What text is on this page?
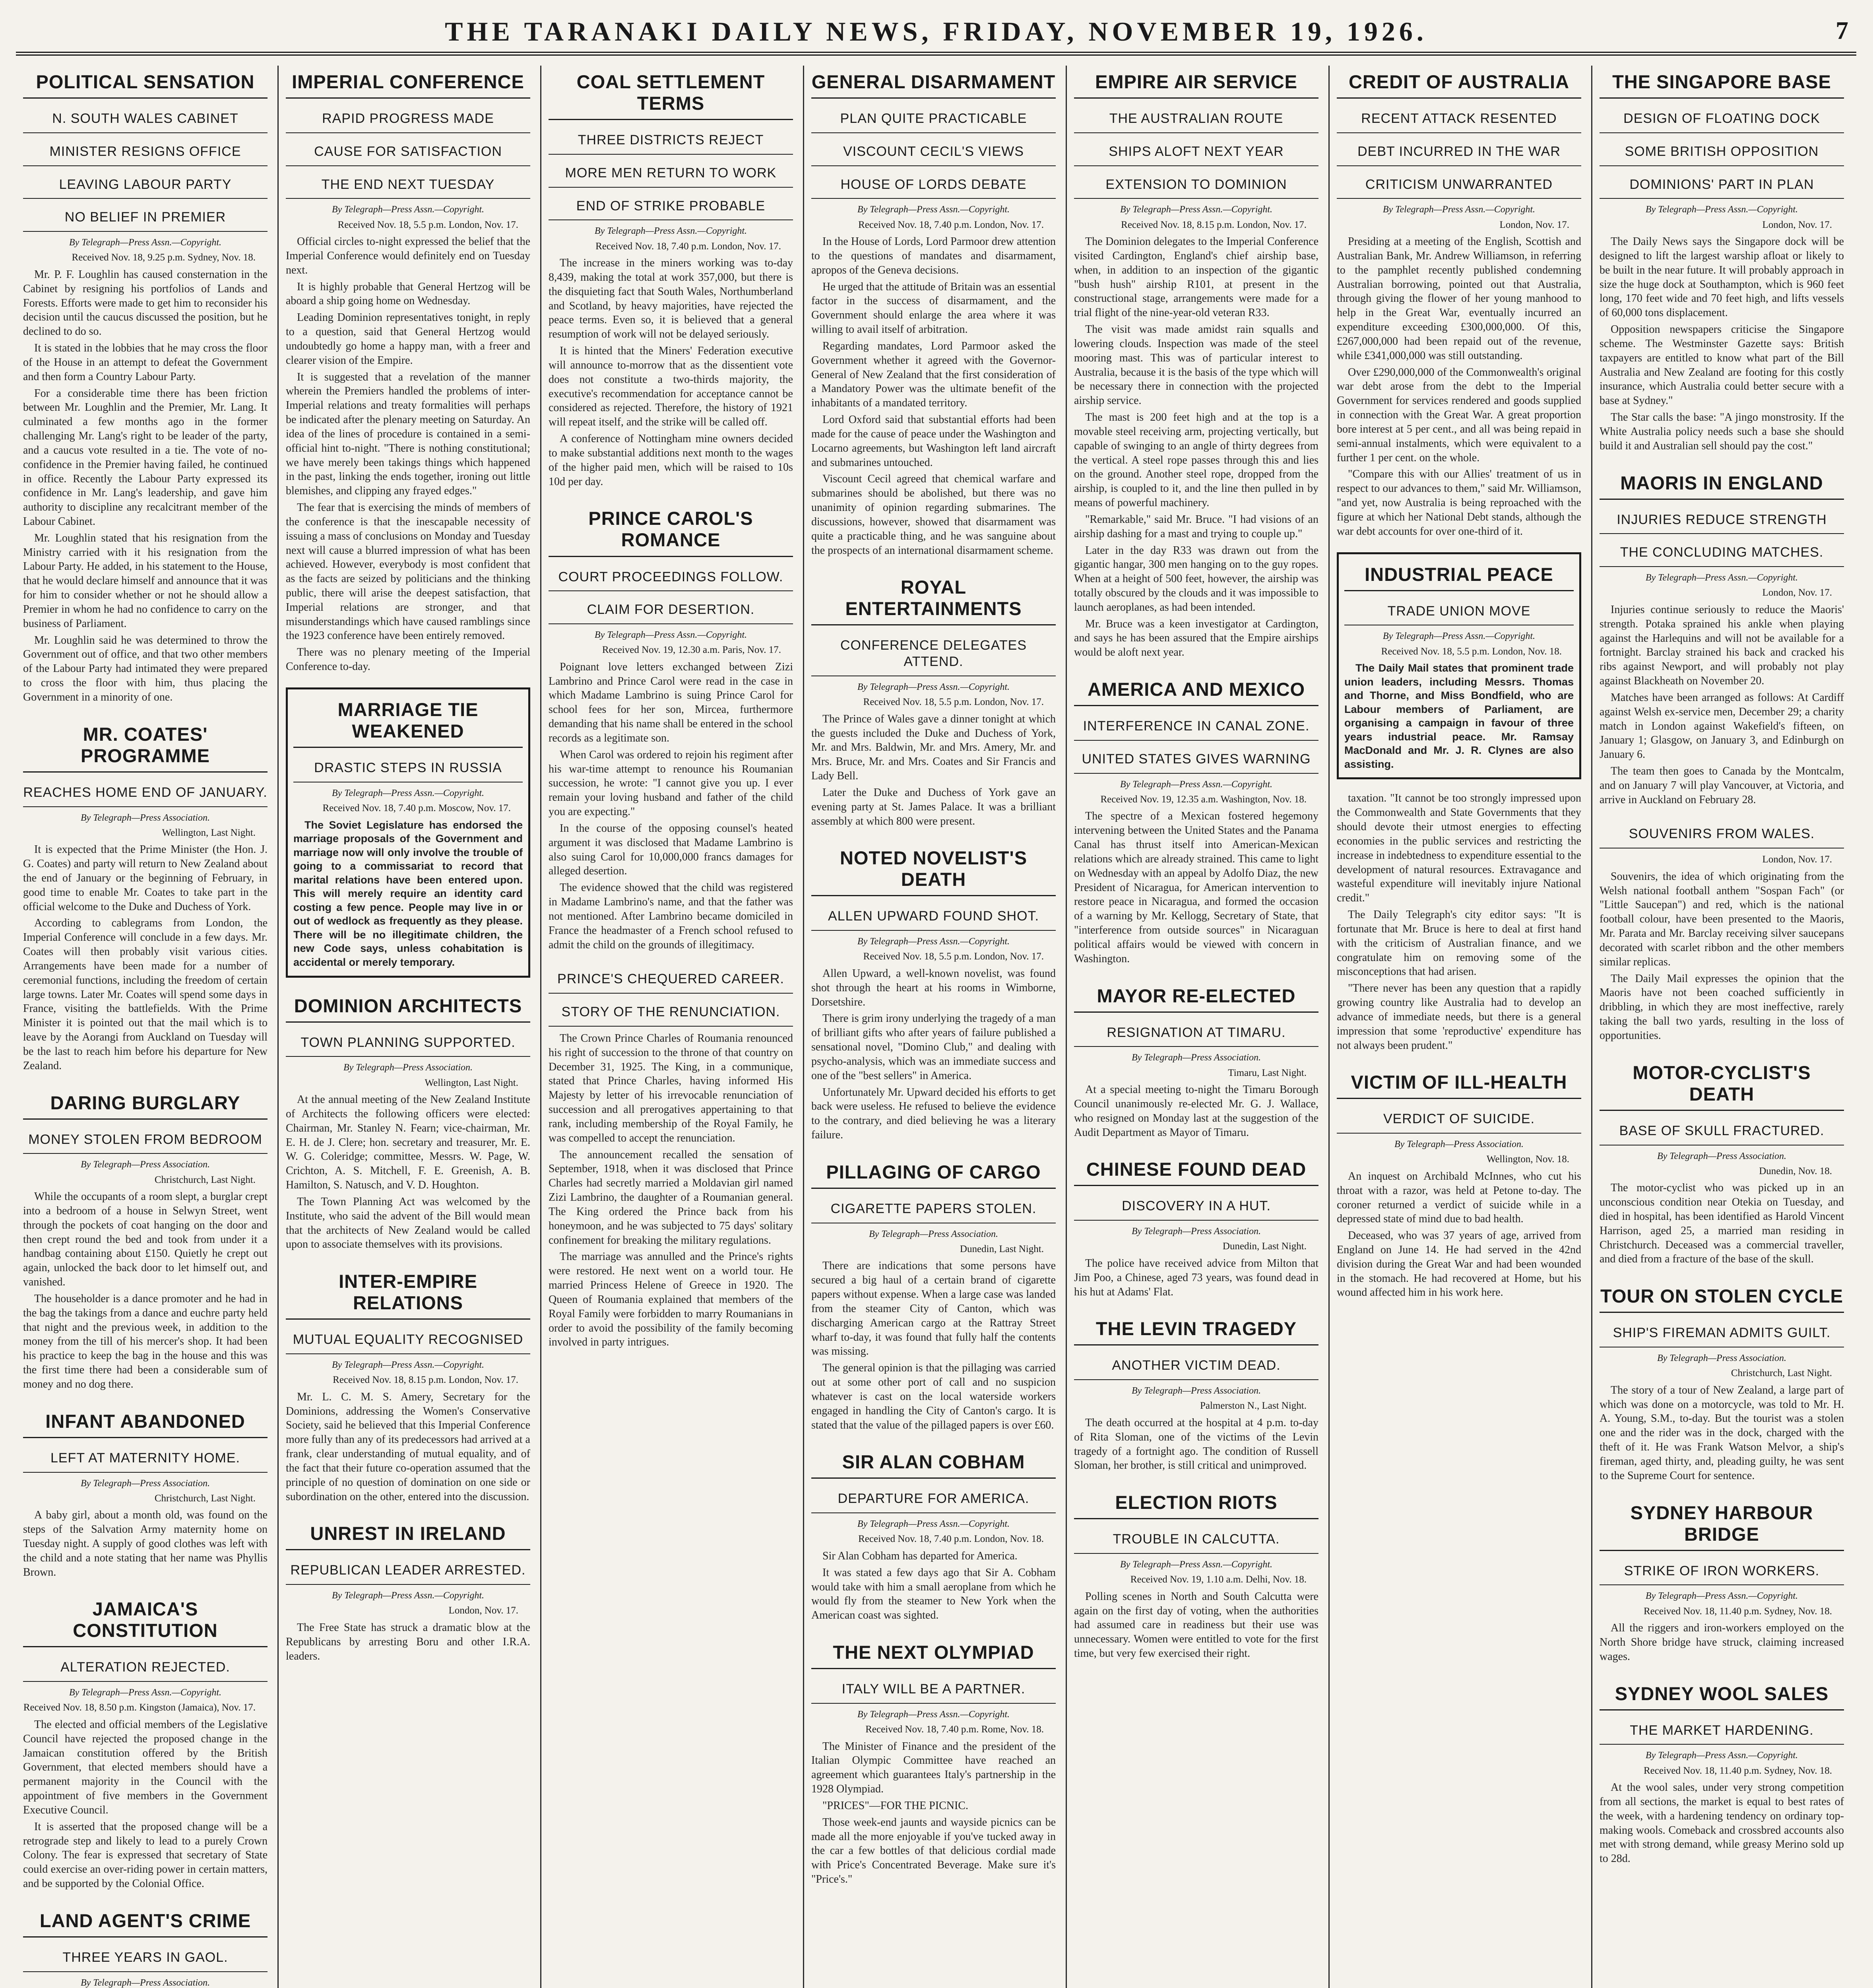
THE TARANAKI DAILY NEWS, FRIDAY, NOVEMBER 19, 1926.	7
POLITICAL SENSATION
N. SOUTH WALES CABINET
MINISTER RESIGNS OFFICE
LEAVING LABOUR PARTY
NO BELIEF IN PREMIER
By Telegraph—Press Assn.—Copyright.
Received Nov. 18, 9.25 p.m. Sydney, Nov. 18.

Mr. P. F. Loughlin has caused consternation in the Cabinet by resigning his portfolios of Lands and Forests. Efforts were made to get him to reconsider his decision until the caucus discussed the position, but he declined to do so.

It is stated in the lobbies that he may cross the floor of the House in an attempt to defeat the Government and then form a Country Labour Party.

For a considerable time there has been friction between Mr. Loughlin and the Premier, Mr. Lang. It culminated a few months ago in the former challenging Mr. Lang's right to be leader of the party, and a caucus vote resulted in a tie. The vote of no-confidence in the Premier having failed, he continued in office. Recently the Labour Party expressed its confidence in Mr. Lang's leadership, and gave him authority to discipline any recalcitrant member of the Labour Cabinet.

Mr. Loughlin stated that his resignation from the Ministry carried with it his resignation from the Labour Party. He added, in his statement to the House, that he would declare himself and announce that it was for him to consider whether or not he should allow a Premier in whom he had no confidence to carry on the business of Parliament.

Mr. Loughlin said he was determined to throw the Government out of office, and that two other members of the Labour Party had intimated they were prepared to cross the floor with him, thus placing the Government in a minority of one.

MR. COATES' PROGRAMME
REACHES HOME END OF JANUARY.
By Telegraph—Press Association.
Wellington, Last Night.

It is expected that the Prime Minister (the Hon. J. G. Coates) and party will return to New Zealand about the end of January or the beginning of February, in good time to enable Mr. Coates to take part in the official welcome to the Duke and Duchess of York.

According to cablegrams from London, the Imperial Conference will conclude in a few days. Mr. Coates will then probably visit various cities. Arrangements have been made for a number of ceremonial functions, including the freedom of certain large towns. Later Mr. Coates will spend some days in France, visiting the battlefields. With the Prime Minister it is pointed out that the mail which is to leave by the Aorangi from Auckland on Tuesday will be the last to reach him before his departure for New Zealand.

DARING BURGLARY
MONEY STOLEN FROM BEDROOM
By Telegraph—Press Association.
Christchurch, Last Night.

While the occupants of a room slept, a burglar crept into a bedroom of a house in Selwyn Street, went through the pockets of coat hanging on the door and then crept round the bed and took from under it a handbag containing about £150. Quietly he crept out again, unlocked the back door to let himself out, and vanished.

The householder is a dance promoter and he had in the bag the takings from a dance and euchre party held that night and the previous week, in addition to the money from the till of his mercer's shop. It had been his practice to keep the bag in the house and this was the first time there had been a considerable sum of money and no dog there.

INFANT ABANDONED
LEFT AT MATERNITY HOME.
By Telegraph—Press Association.
Christchurch, Last Night.

A baby girl, about a month old, was found on the steps of the Salvation Army maternity home on Tuesday night. A supply of good clothes was left with the child and a note stating that her name was Phyllis Brown.

JAMAICA'S CONSTITUTION
ALTERATION REJECTED.
By Telegraph—Press Assn.—Copyright.
Received Nov. 18, 8.50 p.m. Kingston (Jamaica), Nov. 17.

The elected and official members of the Legislative Council have rejected the proposed change in the Jamaican constitution offered by the British Government, that elected members should have a permanent majority in the Council with the appointment of five members in the Government Executive Council.

It is asserted that the proposed change will be a retrograde step and likely to lead to a purely Crown Colony. The fear is expressed that secretary of State could exercise an over-riding power in certain matters, and be supported by the Colonial Office.

LAND AGENT'S CRIME
THREE YEARS IN GAOL.
By Telegraph—Press Association.

IMPERIAL CONFERENCE
RAPID PROGRESS MADE
CAUSE FOR SATISFACTION
THE END NEXT TUESDAY
By Telegraph—Press Assn.—Copyright.
Received Nov. 18, 5.5 p.m. London, Nov. 17.

Official circles to-night expressed the belief that the Imperial Conference would definitely end on Tuesday next.

It is highly probable that General Hertzog will be aboard a ship going home on Wednesday.

Leading Dominion representatives tonight, in reply to a question, said that General Hertzog would undoubtedly go home a happy man, with a freer and clearer vision of the Empire.

It is suggested that a revelation of the manner wherein the Premiers handled the problems of inter-Imperial relations and treaty formalities will perhaps be indicated after the plenary meeting on Saturday. An idea of the lines of procedure is contained in a semi-official hint to-night. "There is nothing constitutional; we have merely been takings things which happened in the past, linking the ends together, ironing out little blemishes, and clipping any frayed edges."

The fear that is exercising the minds of members of the conference is that the inescapable necessity of issuing a mass of conclusions on Monday and Tuesday next will cause a blurred impression of what has been achieved. However, everybody is most confident that as the facts are seized by politicians and the thinking public, there will arise the deepest satisfaction, that Imperial relations are stronger, and that misunderstandings which have caused ramblings since the 1923 conference have been entirely removed.

There was no plenary meeting of the Imperial Conference to-day.

MARRIAGE TIE WEAKENED
DRASTIC STEPS IN RUSSIA
By Telegraph—Press Assn.—Copyright.
Received Nov. 18, 7.40 p.m. Moscow, Nov. 17.

The Soviet Legislature has endorsed the marriage proposals of the Government and marriage now will only involve the trouble of going to a commissariat to record that marital relations have been entered upon. This will merely require an identity card costing a few pence. People may live in or out of wedlock as frequently as they please. There will be no illegitimate children, the new Code says, unless cohabitation is accidental or merely temporary.

DOMINION ARCHITECTS
TOWN PLANNING SUPPORTED.
By Telegraph—Press Association.
Wellington, Last Night.

At the annual meeting of the New Zealand Institute of Architects the following officers were elected: Chairman, Mr. Stanley N. Fearn; vice-chairman, Mr. E. H. de J. Clere; hon. secretary and treasurer, Mr. E. W. G. Coleridge; committee, Messrs. W. Page, W. Crichton, A. S. Mitchell, F. E. Greenish, A. B. Hamilton, S. Natusch, and V. D. Houghton.

The Town Planning Act was welcomed by the Institute, who said the advent of the Bill would mean that the architects of New Zealand would be called upon to associate themselves with its provisions.

INTER-EMPIRE RELATIONS
MUTUAL EQUALITY RECOGNISED
By Telegraph—Press Assn.—Copyright.
Received Nov. 18, 8.15 p.m. London, Nov. 17.

Mr. L. C. M. S. Amery, Secretary for the Dominions, addressing the Women's Conservative Society, said he believed that this Imperial Conference more fully than any of its predecessors had arrived at a frank, clear understanding of mutual equality, and of the fact that their future co-operation assumed that the principle of no question of domination on one side or subordination on the other, entered into the discussion.

UNREST IN IRELAND
REPUBLICAN LEADER ARRESTED.
By Telegraph—Press Assn.—Copyright.
London, Nov. 17.

The Free State has struck a dramatic blow at the Republicans by arresting Boru and other I.R.A. leaders.

COAL SETTLEMENT TERMS
THREE DISTRICTS REJECT
MORE MEN RETURN TO WORK
END OF STRIKE PROBABLE
By Telegraph—Press Assn.—Copyright.
Received Nov. 18, 7.40 p.m. London, Nov. 17.

The increase in the miners working was to-day 8,439, making the total at work 357,000, but there is the disquieting fact that South Wales, Northumberland and Scotland, by heavy majorities, have rejected the peace terms. Even so, it is believed that a general resumption of work will not be delayed seriously.

It is hinted that the Miners' Federation executive will announce to-morrow that as the dissentient vote does not constitute a two-thirds majority, the executive's recommendation for acceptance cannot be considered as rejected. Therefore, the history of 1921 will repeat itself, and the strike will be called off.

A conference of Nottingham mine owners decided to make substantial additions next month to the wages of the higher paid men, which will be raised to 10s 10d per day.

PRINCE CAROL'S ROMANCE
COURT PROCEEDINGS FOLLOW.
CLAIM FOR DESERTION.
By Telegraph—Press Assn.—Copyright.
Received Nov. 19, 12.30 a.m. Paris, Nov. 17.

Poignant love letters exchanged between Zizi Lambrino and Prince Carol were read in the case in which Madame Lambrino is suing Prince Carol for school fees for her son, Mircea, furthermore demanding that his name shall be entered in the school records as a legitimate son.

When Carol was ordered to rejoin his regiment after his war-time attempt to renounce his Roumanian succession, he wrote: "I cannot give you up. I ever remain your loving husband and father of the child you are expecting."

In the course of the opposing counsel's heated argument it was disclosed that Madame Lambrino is also suing Carol for 10,000,000 francs damages for alleged desertion.

The evidence showed that the child was registered in Madame Lambrino's name, and that the father was not mentioned. After Lambrino became domiciled in France the headmaster of a French school refused to admit the child on the grounds of illegitimacy.

PRINCE'S CHEQUERED CAREER.
STORY OF THE RENUNCIATION.

The Crown Prince Charles of Roumania renounced his right of succession to the throne of that country on December 31, 1925. The King, in a communique, stated that Prince Charles, having informed His Majesty by letter of his irrevocable renunciation of succession and all prerogatives appertaining to that rank, including membership of the Royal Family, he was compelled to accept the renunciation.

The announcement recalled the sensation of September, 1918, when it was disclosed that Prince Charles had secretly married a Moldavian girl named Zizi Lambrino, the daughter of a Roumanian general. The King ordered the Prince back from his honeymoon, and he was subjected to 75 days' solitary confinement for breaking the military regulations.

The marriage was annulled and the Prince's rights were restored. He next went on a world tour. He married Princess Helene of Greece in 1920. The Queen of Roumania explained that members of the Royal Family were forbidden to marry Roumanians in order to avoid the possibility of the family becoming involved in party intrigues.

GENERAL DISARMAMENT
PLAN QUITE PRACTICABLE
VISCOUNT CECIL'S VIEWS
HOUSE OF LORDS DEBATE
By Telegraph—Press Assn.—Copyright.
Received Nov. 18, 7.40 p.m. London, Nov. 17.

In the House of Lords, Lord Parmoor drew attention to the questions of mandates and disarmament, apropos of the Geneva decisions.

He urged that the attitude of Britain was an essential factor in the success of disarmament, and the Government should enlarge the area where it was willing to avail itself of arbitration.

Regarding mandates, Lord Parmoor asked the Government whether it agreed with the Governor-General of New Zealand that the first consideration of a Mandatory Power was the ultimate benefit of the inhabitants of a mandated territory.

Lord Oxford said that substantial efforts had been made for the cause of peace under the Washington and Locarno agreements, but Washington left land aircraft and submarines untouched.

Viscount Cecil agreed that chemical warfare and submarines should be abolished, but there was no unanimity of opinion regarding submarines. The discussions, however, showed that disarmament was quite a practicable thing, and he was sanguine about the prospects of an international disarmament scheme.

ROYAL ENTERTAINMENTS
CONFERENCE DELEGATES ATTEND.
By Telegraph—Press Assn.—Copyright.
Received Nov. 18, 5.5 p.m. London, Nov. 17.

The Prince of Wales gave a dinner tonight at which the guests included the Duke and Duchess of York, Mr. and Mrs. Baldwin, Mr. and Mrs. Amery, Mr. and Mrs. Bruce, Mr. and Mrs. Coates and Sir Francis and Lady Bell.

Later the Duke and Duchess of York gave an evening party at St. James Palace. It was a brilliant assembly at which 800 were present.

NOTED NOVELIST'S DEATH
ALLEN UPWARD FOUND SHOT.
By Telegraph—Press Assn.—Copyright.
Received Nov. 18, 5.5 p.m. London, Nov. 17.

Allen Upward, a well-known novelist, was found shot through the heart at his rooms in Wimborne, Dorsetshire.

There is grim irony underlying the tragedy of a man of brilliant gifts who after years of failure published a sensational novel, "Domino Club," and dealing with psycho-analysis, which was an immediate success and one of the "best sellers" in America.

Unfortunately Mr. Upward decided his efforts to get back were useless. He refused to believe the evidence to the contrary, and died believing he was a literary failure.

PILLAGING OF CARGO
CIGARETTE PAPERS STOLEN.
By Telegraph—Press Association.
Dunedin, Last Night.

There are indications that some persons have secured a big haul of a certain brand of cigarette papers without expense. When a large case was landed from the steamer City of Canton, which was discharging American cargo at the Rattray Street wharf to-day, it was found that fully half the contents was missing.

The general opinion is that the pillaging was carried out at some other port of call and no suspicion whatever is cast on the local waterside workers engaged in handling the City of Canton's cargo. It is stated that the value of the pillaged papers is over £60.

SIR ALAN COBHAM
DEPARTURE FOR AMERICA.
By Telegraph—Press Assn.—Copyright.
Received Nov. 18, 7.40 p.m. London, Nov. 18.

Sir Alan Cobham has departed for America.

It was stated a few days ago that Sir A. Cobham would take with him a small aeroplane from which he would fly from the steamer to New York when the American coast was sighted.

THE NEXT OLYMPIAD
ITALY WILL BE A PARTNER.
By Telegraph—Press Assn.—Copyright.
Received Nov. 18, 7.40 p.m. Rome, Nov. 18.

The Minister of Finance and the president of the Italian Olympic Committee have reached an agreement which guarantees Italy's partnership in the 1928 Olympiad.

"PRICES"—FOR THE PICNIC.

Those week-end jaunts and wayside picnics can be made all the more enjoyable if you've tucked away in the car a few bottles of that delicious cordial made with Price's Concentrated Beverage. Make sure it's "Price's."

EMPIRE AIR SERVICE
THE AUSTRALIAN ROUTE
SHIPS ALOFT NEXT YEAR
EXTENSION TO DOMINION
By Telegraph—Press Assn.—Copyright.
Received Nov. 18, 8.15 p.m. London, Nov. 17.

The Dominion delegates to the Imperial Conference visited Cardington, England's chief airship base, when, in addition to an inspection of the gigantic "bush hush" airship R101, at present in the constructional stage, arrangements were made for a trial flight of the nine-year-old veteran R33.

The visit was made amidst rain squalls and lowering clouds. Inspection was made of the steel mooring mast. This was of particular interest to Australia, because it is the basis of the type which will be necessary there in connection with the projected airship service.

The mast is 200 feet high and at the top is a movable steel receiving arm, projecting vertically, but capable of swinging to an angle of thirty degrees from the vertical. A steel rope passes through this and lies on the ground. Another steel rope, dropped from the airship, is coupled to it, and the line then pulled in by means of powerful machinery.

"Remarkable," said Mr. Bruce. "I had visions of an airship dashing for a mast and trying to couple up."

Later in the day R33 was drawn out from the gigantic hangar, 300 men hanging on to the guy ropes. When at a height of 500 feet, however, the airship was totally obscured by the clouds and it was impossible to launch aeroplanes, as had been intended.

Mr. Bruce was a keen investigator at Cardington, and says he has been assured that the Empire airships would be aloft next year.

AMERICA AND MEXICO
INTERFERENCE IN CANAL ZONE.
UNITED STATES GIVES WARNING
By Telegraph—Press Assn.—Copyright.
Received Nov. 19, 12.35 a.m. Washington, Nov. 18.

The spectre of a Mexican fostered hegemony intervening between the United States and the Panama Canal has thrust itself into American-Mexican relations which are already strained. This came to light on Wednesday with an appeal by Adolfo Diaz, the new President of Nicaragua, for American intervention to restore peace in Nicaragua, and formed the occasion of a warning by Mr. Kellogg, Secretary of State, that "interference from outside sources" in Nicaraguan political affairs would be viewed with concern in Washington.

MAYOR RE-ELECTED
RESIGNATION AT TIMARU.
By Telegraph—Press Association.
Timaru, Last Night.

At a special meeting to-night the Timaru Borough Council unanimously re-elected Mr. G. J. Wallace, who resigned on Monday last at the suggestion of the Audit Department as Mayor of Timaru.

CHINESE FOUND DEAD
DISCOVERY IN A HUT.
By Telegraph—Press Association.
Dunedin, Last Night.

The police have received advice from Milton that Jim Poo, a Chinese, aged 73 years, was found dead in his hut at Adams' Flat.

THE LEVIN TRAGEDY
ANOTHER VICTIM DEAD.
By Telegraph—Press Association.
Palmerston N., Last Night.

The death occurred at the hospital at 4 p.m. to-day of Rita Sloman, one of the victims of the Levin tragedy of a fortnight ago. The condition of Russell Sloman, her brother, is still critical and unimproved.

ELECTION RIOTS
TROUBLE IN CALCUTTA.
By Telegraph—Press Assn.—Copyright.
Received Nov. 19, 1.10 a.m. Delhi, Nov. 18.

Polling scenes in North and South Calcutta were again on the first day of voting, when the authorities had assumed care in readiness but their use was unnecessary. Women were entitled to vote for the first time, but very few exercised their right.

CREDIT OF AUSTRALIA
RECENT ATTACK RESENTED
DEBT INCURRED IN THE WAR
CRITICISM UNWARRANTED
By Telegraph—Press Assn.—Copyright.
London, Nov. 17.

Presiding at a meeting of the English, Scottish and Australian Bank, Mr. Andrew Williamson, in referring to the pamphlet recently published condemning Australian borrowing, pointed out that Australia, through giving the flower of her young manhood to help in the Great War, eventually incurred an expenditure exceeding £300,000,000. Of this, £267,000,000 had been repaid out of the revenue, while £341,000,000 was still outstanding.

Over £290,000,000 of the Commonwealth's original war debt arose from the debt to the Imperial Government for services rendered and goods supplied in connection with the Great War. A great proportion bore interest at 5 per cent., and all was being repaid in semi-annual instalments, which were equivalent to a further 1 per cent. on the whole.

"Compare this with our Allies' treatment of us in respect to our advances to them," said Mr. Williamson, "and yet, now Australia is being reproached with the figure at which her National Debt stands, although the war debt accounts for over one-third of it.

INDUSTRIAL PEACE
TRADE UNION MOVE
By Telegraph—Press Assn.—Copyright.
Received Nov. 18, 5.5 p.m. London, Nov. 18.

The Daily Mail states that prominent trade union leaders, including Messrs. Thomas and Thorne, and Miss Bondfield, who are Labour members of Parliament, are organising a campaign in favour of three years industrial peace. Mr. Ramsay MacDonald and Mr. J. R. Clynes are also assisting.

taxation. "It cannot be too strongly impressed upon the Commonwealth and State Governments that they should devote their utmost energies to effecting economies in the public services and restricting the increase in indebtedness to expenditure essential to the development of natural resources. Extravagance and wasteful expenditure will inevitably injure National credit."

The Daily Telegraph's city editor says: "It is fortunate that Mr. Bruce is here to deal at first hand with the criticism of Australian finance, and we congratulate him on removing some of the misconceptions that had arisen.

"There never has been any question that a rapidly growing country like Australia had to develop an advance of immediate needs, but there is a general impression that some 'reproductive' expenditure has not always been prudent."

VICTIM OF ILL-HEALTH
VERDICT OF SUICIDE.
By Telegraph—Press Association.
Wellington, Nov. 18.

An inquest on Archibald McInnes, who cut his throat with a razor, was held at Petone to-day. The coroner returned a verdict of suicide while in a depressed state of mind due to bad health.

Deceased, who was 37 years of age, arrived from England on June 14. He had served in the 42nd division during the Great War and had been wounded in the stomach. He had recovered at Home, but his wound affected him in his work here.

THE SINGAPORE BASE
DESIGN OF FLOATING DOCK
SOME BRITISH OPPOSITION
DOMINIONS' PART IN PLAN
By Telegraph—Press Assn.—Copyright.
London, Nov. 17.

The Daily News says the Singapore dock will be designed to lift the largest warship afloat or likely to be built in the near future. It will probably approach in size the huge dock at Southampton, which is 960 feet long, 170 feet wide and 70 feet high, and lifts vessels of 60,000 tons displacement.

Opposition newspapers criticise the Singapore scheme. The Westminster Gazette says: British taxpayers are entitled to know what part of the Bill Australia and New Zealand are footing for this costly insurance, which Australia could better secure with a base at Sydney."

The Star calls the base: "A jingo monstrosity. If the White Australia policy needs such a base she should build it and Australian sell should pay the cost."

MAORIS IN ENGLAND
INJURIES REDUCE STRENGTH
THE CONCLUDING MATCHES.
By Telegraph—Press Assn.—Copyright.
London, Nov. 17.

Injuries continue seriously to reduce the Maoris' strength. Potaka sprained his ankle when playing against the Harlequins and will not be available for a fortnight. Barclay strained his back and cracked his ribs against Newport, and will probably not play against Blackheath on November 20.

Matches have been arranged as follows: At Cardiff against Welsh ex-service men, December 29; a charity match in London against Wakefield's fifteen, on January 1; Glasgow, on January 3, and Edinburgh on January 6.

The team then goes to Canada by the Montcalm, and on January 7 will play Vancouver, at Victoria, and arrive in Auckland on February 28.

SOUVENIRS FROM WALES.
London, Nov. 17.

Souvenirs, the idea of which originating from the Welsh national football anthem "Sospan Fach" (or "Little Saucepan") and red, which is the national football colour, have been presented to the Maoris, Mr. Parata and Mr. Barclay receiving silver saucepans decorated with scarlet ribbon and the other members similar replicas.

The Daily Mail expresses the opinion that the Maoris have not been coached sufficiently in dribbling, in which they are most ineffective, rarely taking the ball two yards, resulting in the loss of opportunities.

MOTOR-CYCLIST'S DEATH
BASE OF SKULL FRACTURED.
By Telegraph—Press Association.
Dunedin, Nov. 18.

The motor-cyclist who was picked up in an unconscious condition near Otekia on Tuesday, and died in hospital, has been identified as Harold Vincent Harrison, aged 25, a married man residing in Christchurch. Deceased was a commercial traveller, and died from a fracture of the base of the skull.

TOUR ON STOLEN CYCLE
SHIP'S FIREMAN ADMITS GUILT.
By Telegraph—Press Association.
Christchurch, Last Night.

The story of a tour of New Zealand, a large part of which was done on a motorcycle, was told to Mr. H. A. Young, S.M., to-day. But the tourist was a stolen one and the rider was in the dock, charged with the theft of it. He was Frank Watson Melvor, a ship's fireman, aged thirty, and, pleading guilty, he was sent to the Supreme Court for sentence.

SYDNEY HARBOUR BRIDGE
STRIKE OF IRON WORKERS.
By Telegraph—Press Assn.—Copyright.
Received Nov. 18, 11.40 p.m. Sydney, Nov. 18.

All the riggers and iron-workers employed on the North Shore bridge have struck, claiming increased wages.

SYDNEY WOOL SALES
THE MARKET HARDENING.
By Telegraph—Press Assn.—Copyright.
Received Nov. 18, 11.40 p.m. Sydney, Nov. 18.

At the wool sales, under very strong competition from all sections, the market is equal to best rates of the week, with a hardening tendency on ordinary top-making wools. Comeback and crossbred accounts also met with strong demand, while greasy Merino sold up to 28d.
